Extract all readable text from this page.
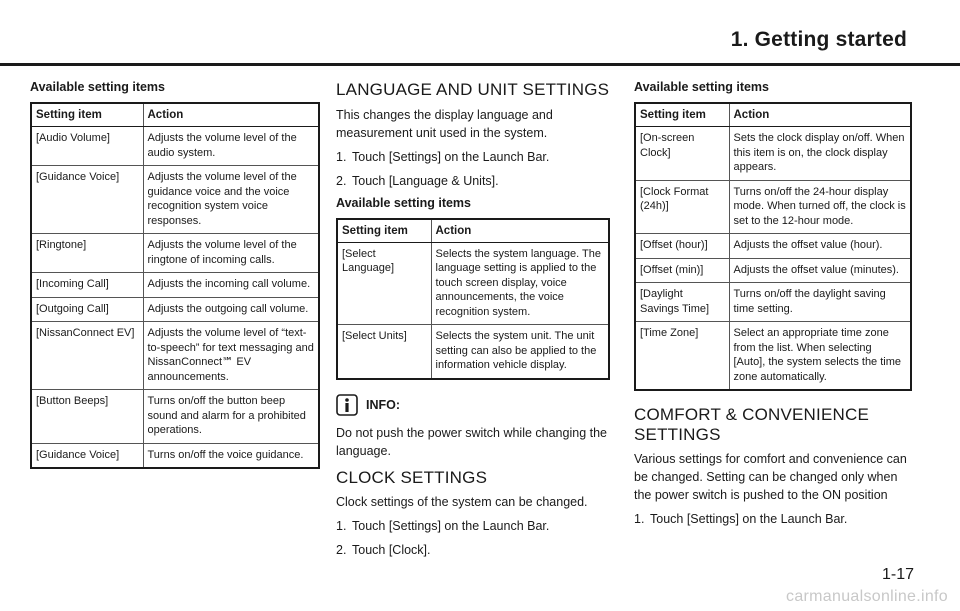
1. Getting started
Available setting items
Setting item	Action
[Audio Volume]	Adjusts the volume level of the audio system.
[Guidance Voice]	Adjusts the volume level of the guidance voice and the voice recognition system voice responses.
[Ringtone]	Adjusts the volume level of the ringtone of incoming calls.
[Incoming Call]	Adjusts the incoming call volume.
[Outgoing Call]	Adjusts the outgoing call volume.
[NissanConnect EV]	Adjusts the volume level of “text-to-speech” for text messaging and NissanConnect℠ EV announcements.
[Button Beeps]	Turns on/off the button beep sound and alarm for a prohibited operations.
[Guidance Voice]	Turns on/off the voice guidance.
LANGUAGE AND UNIT SETTINGS
This changes the display language and measurement unit used in the system.
1. Touch [Settings] on the Launch Bar.
2. Touch [Language & Units].
Available setting items
Setting item	Action
[Select Language]	Selects the system language. The language setting is applied to the touch screen display, voice announcements, the voice recognition system.
[Select Units]	Selects the system unit. The unit setting can also be applied to the information vehicle display.
INFO:
Do not push the power switch while changing the language.
CLOCK SETTINGS
Clock settings of the system can be changed.
1. Touch [Settings] on the Launch Bar.
2. Touch [Clock].
Available setting items
Setting item	Action
[On-screen Clock]	Sets the clock display on/off. When this item is on, the clock display appears.
[Clock Format (24h)]	Turns on/off the 24-hour display mode. When turned off, the clock is set to the 12-hour mode.
[Offset (hour)]	Adjusts the offset value (hour).
[Offset (min)]	Adjusts the offset value (minutes).
[Daylight Savings Time]	Turns on/off the daylight saving time setting.
[Time Zone]	Select an appropriate time zone from the list. When selecting [Auto], the system selects the time zone automatically.
COMFORT & CONVENIENCE SETTINGS
Various settings for comfort and convenience can be changed. Setting can be changed only when the power switch is pushed to the ON position
1. Touch [Settings] on the Launch Bar.
1-17
carmanualsonline.info
